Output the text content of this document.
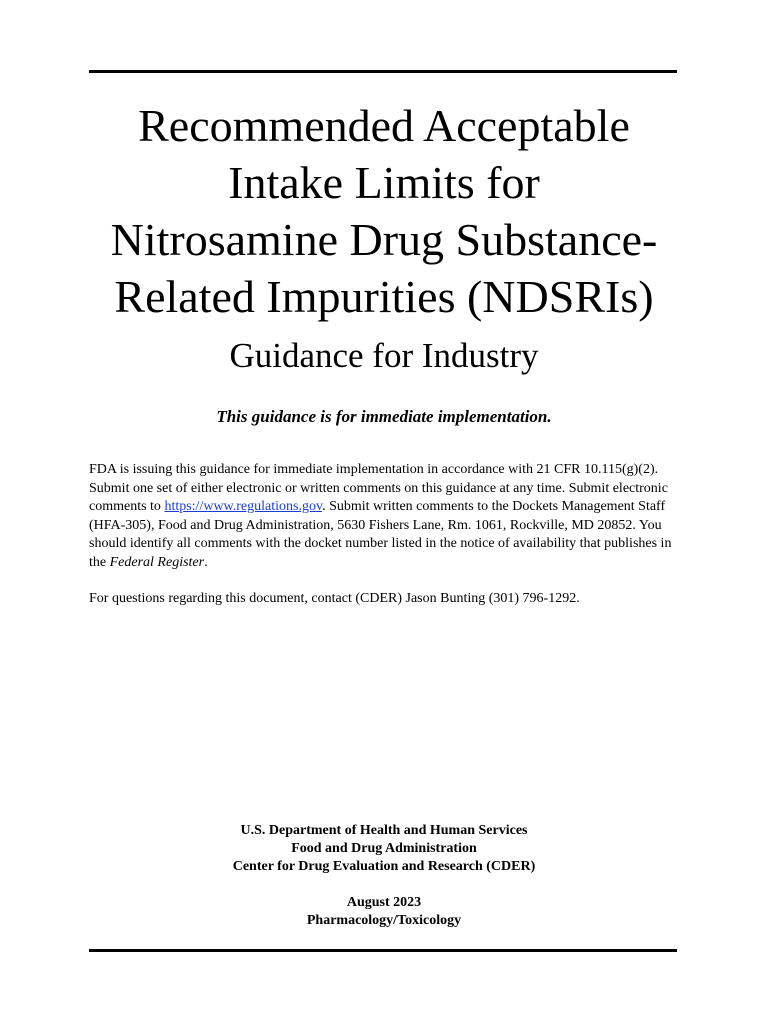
Recommended Acceptable
Intake Limits for
Nitrosamine Drug Substance-
Related Impurities (NDSRIs)
Guidance for Industry
This guidance is for immediate implementation.

FDA is issuing this guidance for immediate implementation in accordance with 21 CFR 10.115(g)(2). Submit one set of either electronic or written comments on this guidance at any time. Submit electronic comments to https://www.regulations.gov. Submit written comments to the Dockets Management Staff (HFA-305), Food and Drug Administration, 5630 Fishers Lane, Rm. 1061, Rockville, MD 20852. You should identify all comments with the docket number listed in the notice of availability that publishes in the Federal Register.

For questions regarding this document, contact (CDER) Jason Bunting (301) 796-1292.

U.S. Department of Health and Human Services
Food and Drug Administration
Center for Drug Evaluation and Research (CDER)
August 2023
Pharmacology/Toxicology
